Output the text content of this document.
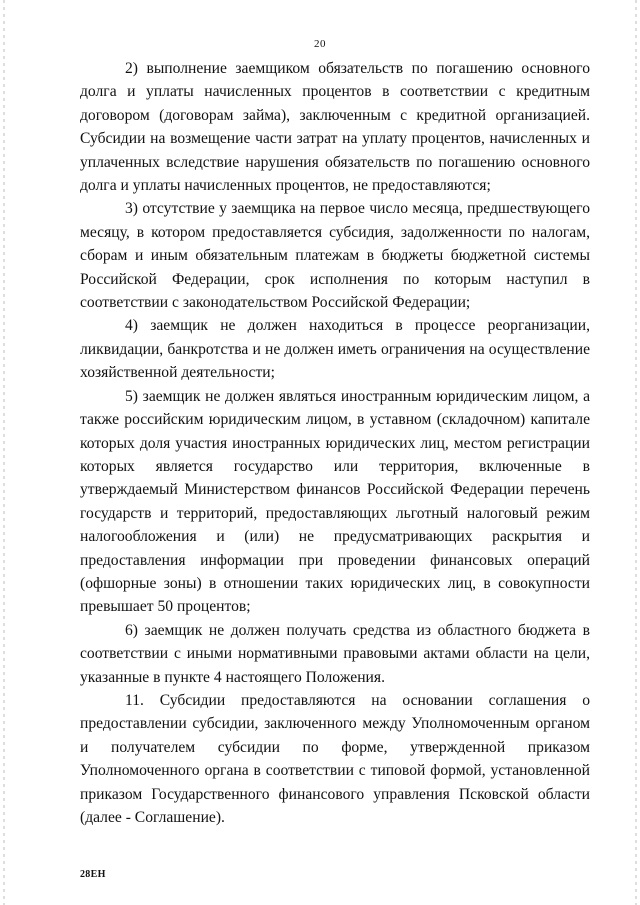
20

2) выполнение заемщиком обязательств по погашению основного долга и уплаты начисленных процентов в соответствии с кредитным договором (договорам займа), заключенным с кредитной организацией. Субсидии на возмещение части затрат на уплату процентов, начисленных и уплаченных вследствие нарушения обязательств по погашению основного долга и уплаты начисленных процентов, не предоставляются;

3) отсутствие у заемщика на первое число месяца, предшествующего месяцу, в котором предоставляется субсидия, задолженности по налогам, сборам и иным обязательным платежам в бюджеты бюджетной системы Российской Федерации, срок исполнения по которым наступил в соответствии с законодательством Российской Федерации;

4) заемщик не должен находиться в процессе реорганизации, ликвидации, банкротства и не должен иметь ограничения на осуществление хозяйственной деятельности;

5) заемщик не должен являться иностранным юридическим лицом, а также российским юридическим лицом, в уставном (складочном) капитале которых доля участия иностранных юридических лиц, местом регистрации которых является государство или территория, включенные в утверждаемый Министерством финансов Российской Федерации перечень государств и территорий, предоставляющих льготный налоговый режим налогообложения и (или) не предусматривающих раскрытия и предоставления информации при проведении финансовых операций (офшорные зоны) в отношении таких юридических лиц, в совокупности превышает 50 процентов;

6) заемщик не должен получать средства из областного бюджета в соответствии с иными нормативными правовыми актами области на цели, указанные в пункте 4 настоящего Положения.

11. Субсидии предоставляются на основании соглашения о предоставлении субсидии, заключенного между Уполномоченным органом и получателем субсидии по форме, утвержденной приказом Уполномоченного органа в соответствии с типовой формой, установленной приказом Государственного финансового управления Псковской области (далее - Соглашение).

28ЕН
